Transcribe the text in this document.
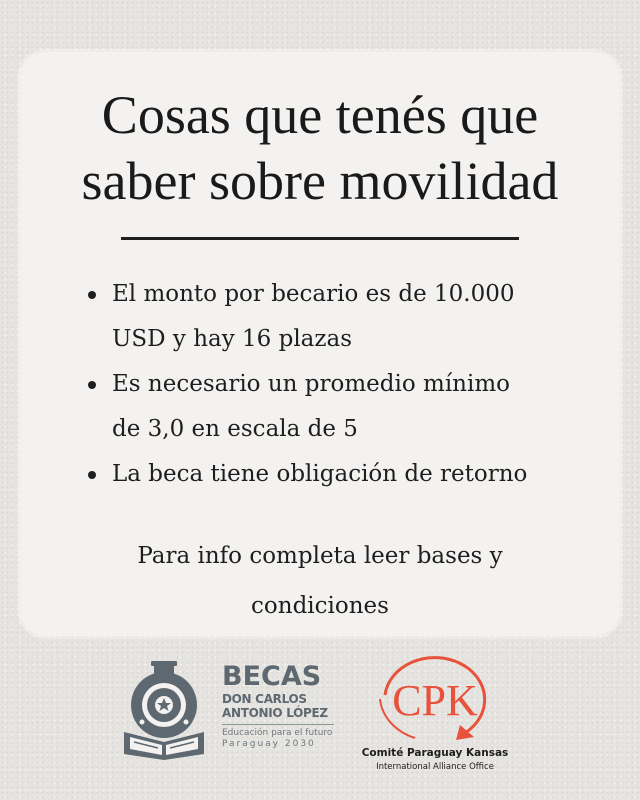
Cosas que tenés que
saber sobre movilidad
El monto por becario es de 10.000
USD y hay 16 plazas
Es necesario un promedio mínimo
de 3,0 en escala de 5
La beca tiene obligación de retorno

Para info completa leer bases y
condiciones

BECAS
DON CARLOS
ANTONIO LÓPEZ
Educación para el futuro
Paraguay 2030
CPK
Comité Paraguay Kansas
International Alliance Office
